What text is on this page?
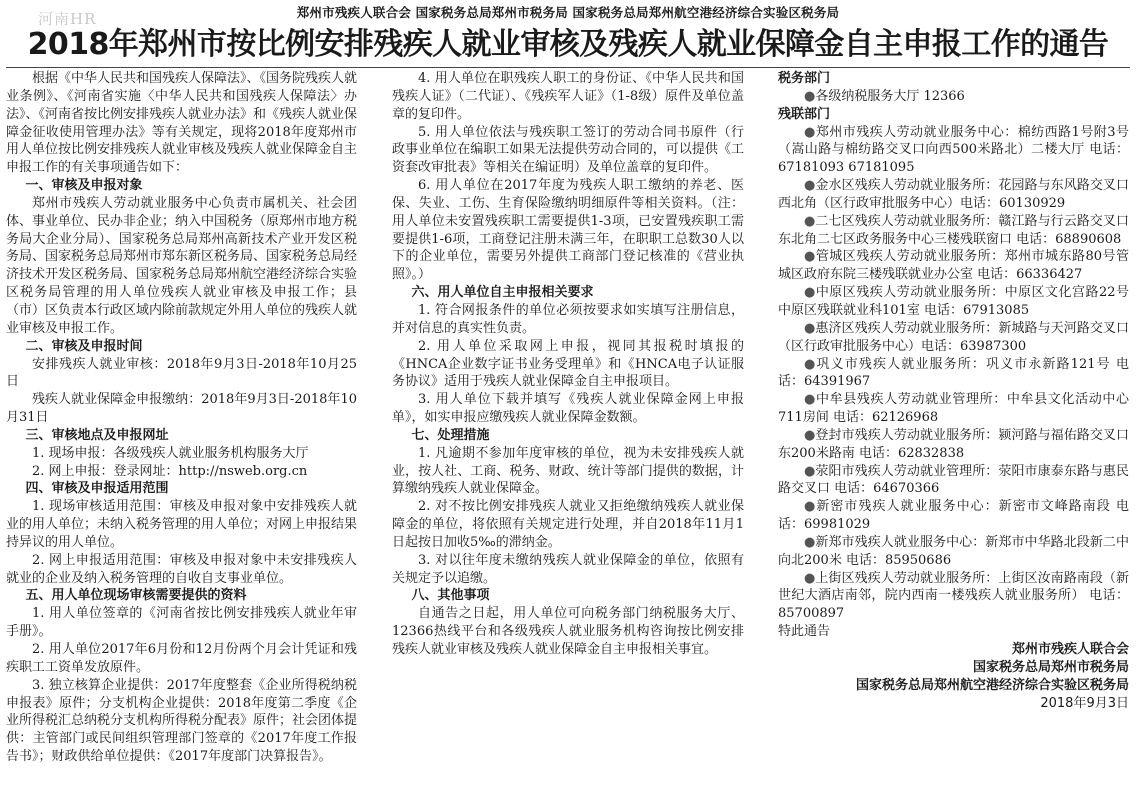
河南HR	郑州市残疾人联合会 国家税务总局郑州市税务局 国家税务总局郑州航空港经济综合实验区税务局
2018年郑州市按比例安排残疾人就业审核及残疾人就业保障金自主申报工作的通告

根据《中华人民共和国残疾人保障法》、《国务院残疾人就业条例》、《河南省实施〈中华人民共和国残疾人保障法〉办法》、《河南省按比例安排残疾人就业办法》和《残疾人就业保障金征收使用管理办法》等有关规定，现将2018年度郑州市用人单位按比例安排残疾人就业审核及残疾人就业保障金自主申报工作的有关事项通告如下：

一、审核及申报对象

郑州市残疾人劳动就业服务中心负责市属机关、社会团体、事业单位、民办非企业；纳入中国税务（原郑州市地方税务局大企业分局）、国家税务总局郑州高新技术产业开发区税务局、国家税务总局郑州市郑东新区税务局、国家税务总局经济技术开发区税务局、国家税务总局郑州航空港经济综合实验区税务局管理的用人单位残疾人就业审核及申报工作；县（市）区负责本行政区域内除前款规定外用人单位的残疾人就业审核及申报工作。

二、审核及申报时间

安排残疾人就业审核：2018年9月3日-2018年10月25日

残疾人就业保障金申报缴纳：2018年9月3日-2018年10月31日

三、审核地点及申报网址

1. 现场申报：各级残疾人就业服务机构服务大厅

2. 网上申报：登录网址：http://nsweb.org.cn

四、审核及申报适用范围

1. 现场审核适用范围：审核及申报对象中安排残疾人就业的用人单位；未纳入税务管理的用人单位；对网上申报结果持异议的用人单位。

2. 网上申报适用范围：审核及申报对象中未安排残疾人就业的企业及纳入税务管理的自收自支事业单位。

五、用人单位现场审核需要提供的资料

1. 用人单位签章的《河南省按比例安排残疾人就业年审手册》。

2. 用人单位2017年6月份和12月份两个月会计凭证和残疾职工工资单发放原件。

3. 独立核算企业提供：2017年度整套《企业所得税纳税申报表》原件；分支机构企业提供：2018年度第二季度《企业所得税汇总纳税分支机构所得税分配表》原件；社会团体提供：主管部门或民间组织管理部门签章的《2017年度工作报告书》；财政供给单位提供：《2017年度部门决算报告》。

4. 用人单位在职残疾人职工的身份证、《中华人民共和国残疾人证》（二代证）、《残疾军人证》（1-8级）原件及单位盖章的复印件。

5. 用人单位依法与残疾职工签订的劳动合同书原件（行政事业单位在编职工如果无法提供劳动合同的，可以提供《工资套改审批表》等相关在编证明）及单位盖章的复印件。

6. 用人单位在2017年度为残疾人职工缴纳的养老、医保、失业、工伤、生育保险缴纳明细原件等相关资料。（注：用人单位未安置残疾职工需要提供1-3项，已安置残疾职工需要提供1-6项，工商登记注册未满三年，在职职工总数30人以下的企业单位，需要另外提供工商部门登记核准的《营业执照》。）

六、用人单位自主申报相关要求

1. 符合网报条件的单位必须按要求如实填写注册信息，并对信息的真实性负责。

2. 用人单位采取网上申报，视同其报税时填报的《HNCA企业数字证书业务受理单》和《HNCA电子认证服务协议》适用于残疾人就业保障金自主申报项目。

3. 用人单位下载并填写《残疾人就业保障金网上申报单》，如实申报应缴残疾人就业保障金数额。

七、处理措施

1. 凡逾期不参加年度审核的单位，视为未安排残疾人就业，按人社、工商、税务、财政、统计等部门提供的数据，计算缴纳残疾人就业保障金。

2. 对不按比例安排残疾人就业又拒绝缴纳残疾人就业保障金的单位，将依照有关规定进行处理，并自2018年11月1日起按日加收5‰的滞纳金。

3. 对以往年度未缴纳残疾人就业保障金的单位，依照有关规定予以追缴。

八、其他事项

自通告之日起，用人单位可向税务部门纳税服务大厅、12366热线平台和各级残疾人就业服务机构咨询按比例安排残疾人就业审核及残疾人就业保障金自主申报相关事宜。

税务部门

●各级纳税服务大厅 12366

残联部门

●郑州市残疾人劳动就业服务中心：棉纺西路1号附3号（嵩山路与棉纺路交叉口向西500米路北）二楼大厅 电话：67181093 67181095

●金水区残疾人劳动就业服务所：花园路与东风路交叉口西北角（区行政审批服务中心）电话：60130929

●二七区残疾人劳动就业服务所：赣江路与行云路交叉口东北角二七区政务服务中心三楼残联窗口 电话：68890608

●管城区残疾人劳动就业服务所：郑州市城东路80号管城区政府东院三楼残联就业办公室 电话：66336427

●中原区残疾人劳动就业服务所：中原区文化宫路22号中原区残联就业科101室 电话：67913085

●惠济区残疾人劳动就业服务所：新城路与天河路交叉口（区行政审批服务中心）电话：63987300

●巩义市残疾人就业服务所：巩义市永新路121号 电话：64391967

●中牟县残疾人劳动就业管理所：中牟县文化活动中心711房间 电话：62126968

●登封市残疾人劳动就业服务所：颍河路与福佑路交叉口东200米路南 电话：62832838

●荥阳市残疾人劳动就业管理所：荥阳市康泰东路与惠民路交叉口 电话：64670366

●新密市残疾人就业服务中心：新密市文峰路南段 电话：69981029

●新郑市残疾人就业服务中心：新郑市中华路北段新二中向北200米 电话：85950686

●上街区残疾人劳动就业服务所：上街区汝南路南段（新世纪大酒店南邻，院内西南一楼残疾人就业服务所） 电话：85700897

特此通告

郑州市残疾人联合会

国家税务总局郑州市税务局

国家税务总局郑州航空港经济综合实验区税务局

2018年9月3日
